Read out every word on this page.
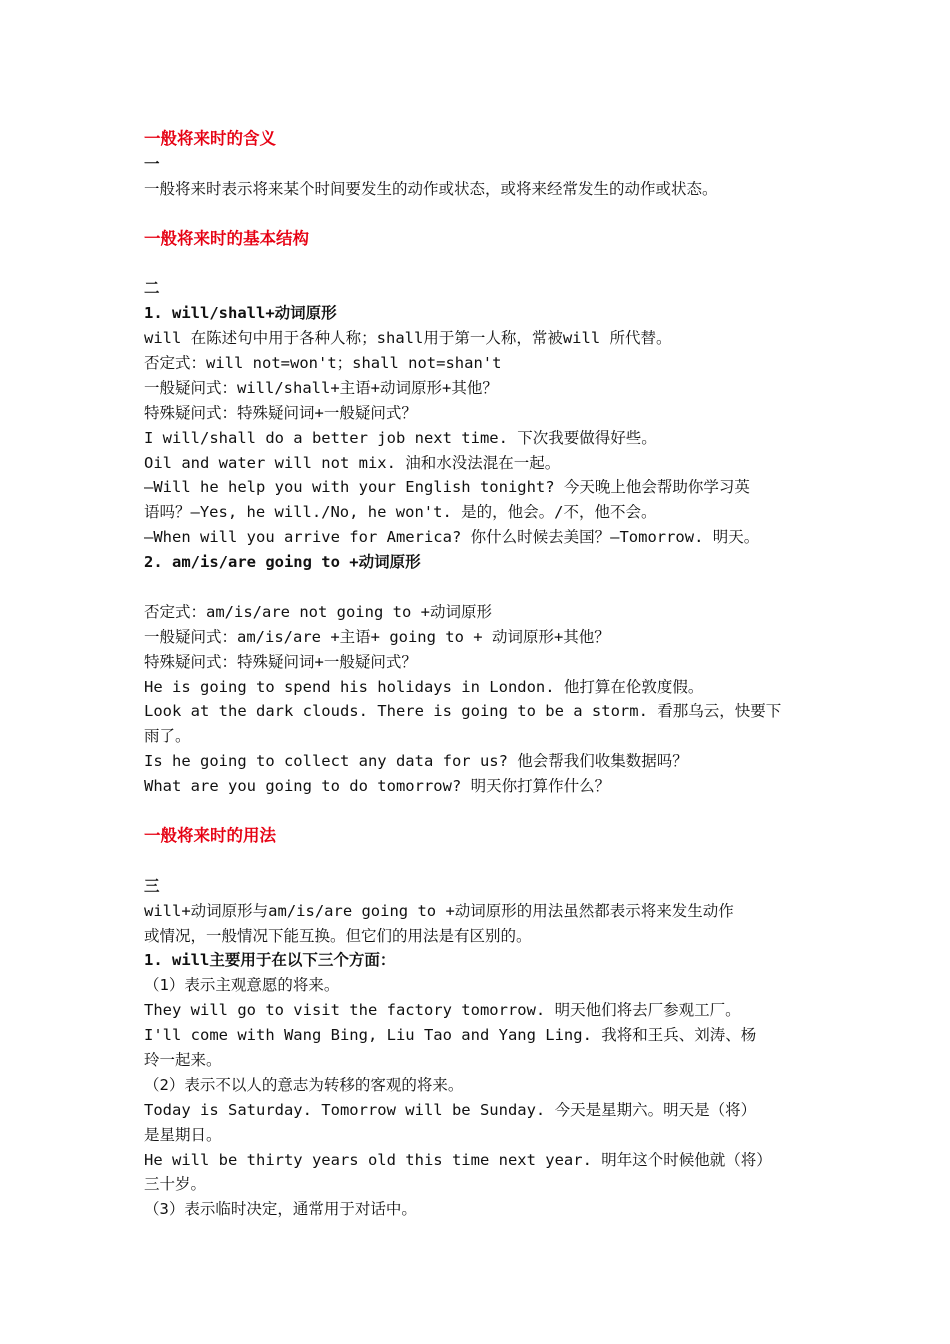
一般将来时的含义
一
一般将来时表示将来某个时间要发生的动作或状态，或将来经常发生的动作或状态。
一般将来时的基本结构
二
1. will/shall+动词原形
will 在陈述句中用于各种人称；shall用于第一人称，常被will 所代替。
否定式：will not=won't；shall not=shan't
一般疑问式：will/shall+主语+动词原形+其他？
特殊疑问式：特殊疑问词+一般疑问式？
I will/shall do a better job next time. 下次我要做得好些。
Oil and water will not mix. 油和水没法混在一起。
—Will he help you with your English tonight? 今天晚上他会帮助你学习英
语吗？—Yes, he will./No, he won't. 是的，他会。/不，他不会。
—When will you arrive for America? 你什么时候去美国？—Tomorrow. 明天。
2. am/is/are going to +动词原形
否定式：am/is/are not going to +动词原形
一般疑问式：am/is/are +主语+ going to + 动词原形+其他？
特殊疑问式：特殊疑问词+一般疑问式？
He is going to spend his holidays in London. 他打算在伦敦度假。
Look at the dark clouds. There is going to be a storm. 看那乌云，快要下
雨了。
Is he going to collect any data for us? 他会帮我们收集数据吗？
What are you going to do tomorrow? 明天你打算作什么？
一般将来时的用法
三
will+动词原形与am/is/are going to +动词原形的用法虽然都表示将来发生动作
或情况，一般情况下能互换。但它们的用法是有区别的。
1. will主要用于在以下三个方面：
（1）表示主观意愿的将来。
They will go to visit the factory tomorrow. 明天他们将去厂参观工厂。
I'll come with Wang Bing, Liu Tao and Yang Ling. 我将和王兵、刘涛、杨
玲一起来。
（2）表示不以人的意志为转移的客观的将来。
Today is Saturday. Tomorrow will be Sunday. 今天是星期六。明天是（将）
是星期日。
He will be thirty years old this time next year. 明年这个时候他就（将）
三十岁。
（3）表示临时决定，通常用于对话中。
